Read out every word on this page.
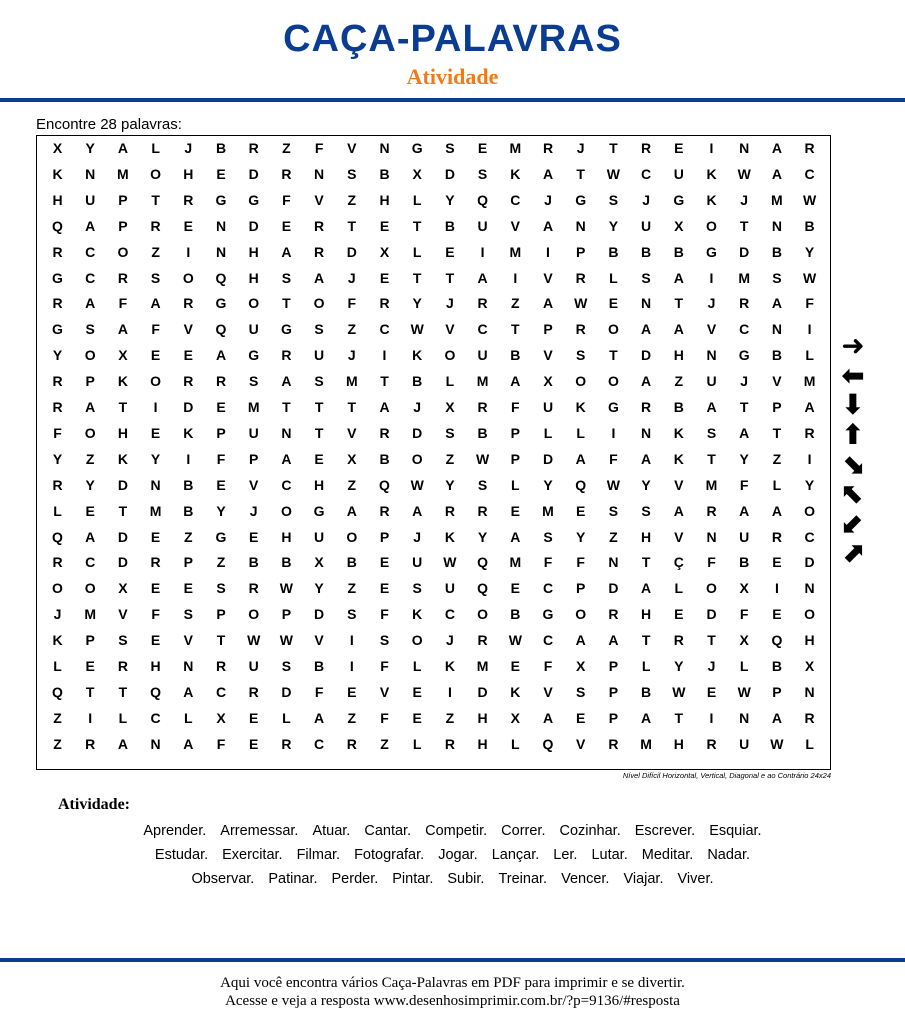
CAÇA-PALAVRAS
Atividade
Encontre 28 palavras:
X	Y	A	L	J	B	R	Z	F	V	N	G	S	E	M	R	J	T	R	E	I	N	A	R
K	N	M	O	H	E	D	R	N	S	B	X	D	S	K	A	T	W	C	U	K	W	A	C
H	U	P	T	R	G	G	F	V	Z	H	L	Y	Q	C	J	G	S	J	G	K	J	M	W
Q	A	P	R	E	N	D	E	R	T	E	T	B	U	V	A	N	Y	U	X	O	T	N	B
R	C	O	Z	I	N	H	A	R	D	X	L	E	I	M	I	P	B	B	B	G	D	B	Y
G	C	R	S	O	Q	H	S	A	J	E	T	T	A	I	V	R	L	S	A	I	M	S	W
R	A	F	A	R	G	O	T	O	F	R	Y	J	R	Z	A	W	E	N	T	J	R	A	F
G	S	A	F	V	Q	U	G	S	Z	C	W	V	C	T	P	R	O	A	A	V	C	N	I
Y	O	X	E	E	A	G	R	U	J	I	K	O	U	B	V	S	T	D	H	N	G	B	L
R	P	K	O	R	R	S	A	S	M	T	B	L	M	A	X	O	O	A	Z	U	J	V	M
R	A	T	I	D	E	M	T	T	T	A	J	X	R	F	U	K	G	R	B	A	T	P	A
F	O	H	E	K	P	U	N	T	V	R	D	S	B	P	L	L	I	N	K	S	A	T	R
Y	Z	K	Y	I	F	P	A	E	X	B	O	Z	W	P	D	A	F	A	K	T	Y	Z	I
R	Y	D	N	B	E	V	C	H	Z	Q	W	Y	S	L	Y	Q	W	Y	V	M	F	L	Y
L	E	T	M	B	Y	J	O	G	A	R	A	R	R	E	M	E	S	S	A	R	A	A	O
Q	A	D	E	Z	G	E	H	U	O	P	J	K	Y	A	S	Y	Z	H	V	N	U	R	C
R	C	D	R	P	Z	B	B	X	B	E	U	W	Q	M	F	F	N	T	Ç	F	B	E	D
O	O	X	E	E	S	R	W	Y	Z	E	S	U	Q	E	C	P	D	A	L	O	X	I	N
J	M	V	F	S	P	O	P	D	S	F	K	C	O	B	G	O	R	H	E	D	F	E	O
K	P	S	E	V	T	W	W	V	I	S	O	J	R	W	C	A	A	T	R	T	X	Q	H
L	E	R	H	N	R	U	S	B	I	F	L	K	M	E	F	X	P	L	Y	J	L	B	X
Q	T	T	Q	A	C	R	D	F	E	V	E	I	D	K	V	S	P	B	W	E	W	P	N
Z	I	L	C	L	X	E	L	A	Z	F	E	Z	H	X	A	E	P	A	T	I	N	A	R
Z	R	A	N	A	F	E	R	C	R	Z	L	R	H	L	Q	V	R	M	H	R	U	W	L
Nível Difícil Horizontal, Vertical, Diagonal e ao Contrário 24x24
➜
⬅
⬇
⬆
⬊
⬉
⬋
⬈
Atividade:
Aprender. Arremessar. Atuar. Cantar. Competir. Correr. Cozinhar. Escrever. Esquiar.
Estudar. Exercitar. Filmar. Fotografar. Jogar. Lançar. Ler. Lutar. Meditar. Nadar.
Observar. Patinar. Perder. Pintar. Subir. Treinar. Vencer. Viajar. Viver.
Aqui você encontra vários Caça-Palavras em PDF para imprimir e se divertir.
Acesse e veja a resposta www.desenhosimprimir.com.br/?p=9136/#resposta
